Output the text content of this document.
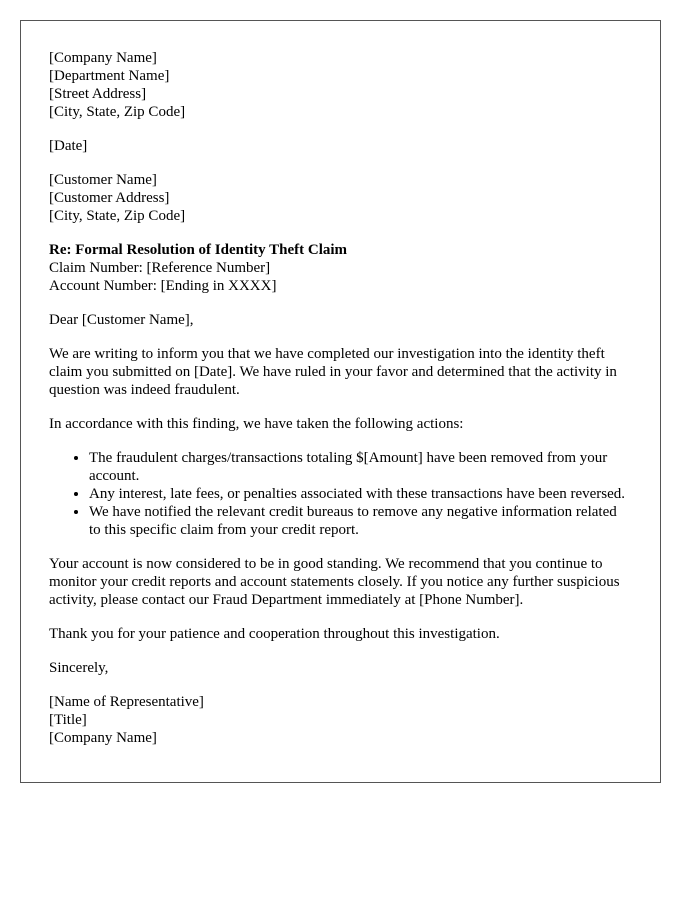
[Company Name]
[Department Name]
[Street Address]
[City, State, Zip Code]

[Date]

[Customer Name]
[Customer Address]
[City, State, Zip Code]
Re: Formal Resolution of Identity Theft Claim
Claim Number: [Reference Number]
Account Number: [Ending in XXXX]

Dear [Customer Name],

We are writing to inform you that we have completed our investigation into the identity theft claim you submitted on [Date]. We have ruled in your favor and determined that the activity in question was indeed fraudulent.

In accordance with this finding, we have taken the following actions:

• The fraudulent charges/transactions totaling $[Amount] have been removed from your account.
• Any interest, late fees, or penalties associated with these transactions have been reversed.
• We have notified the relevant credit bureaus to remove any negative information related to this specific claim from your credit report.

Your account is now considered to be in good standing. We recommend that you continue to monitor your credit reports and account statements closely. If you notice any further suspicious activity, please contact our Fraud Department immediately at [Phone Number].

Thank you for your patience and cooperation throughout this investigation.

Sincerely,

[Name of Representative]
[Title]
[Company Name]
